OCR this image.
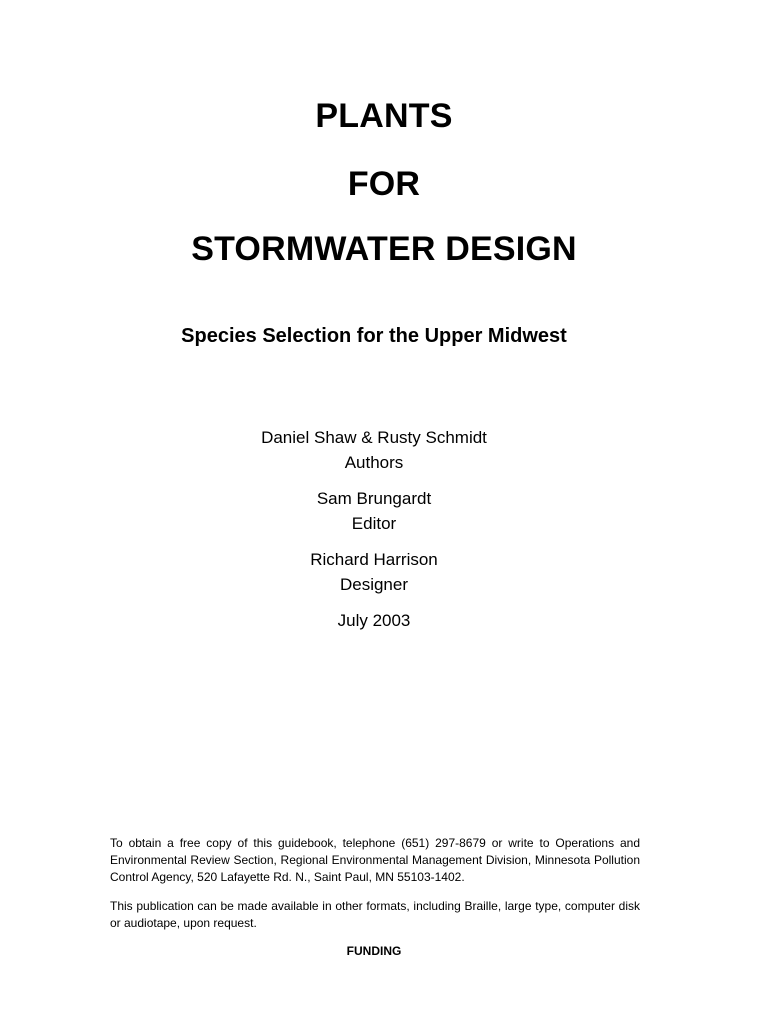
PLANTS
FOR
STORMWATER DESIGN
Species Selection for the Upper Midwest
Daniel Shaw & Rusty Schmidt
Authors
Sam Brungardt
Editor
Richard Harrison
Designer
July 2003
To obtain a free copy of this guidebook, telephone (651) 297-8679 or write to Operations and Environmental Review Section, Regional Environmental Management Division, Minnesota Pollution Control Agency, 520 Lafayette Rd. N., Saint Paul, MN 55103-1402.
This publication can be made available in other formats, including Braille, large type, computer disk or audiotape, upon request.
FUNDING
